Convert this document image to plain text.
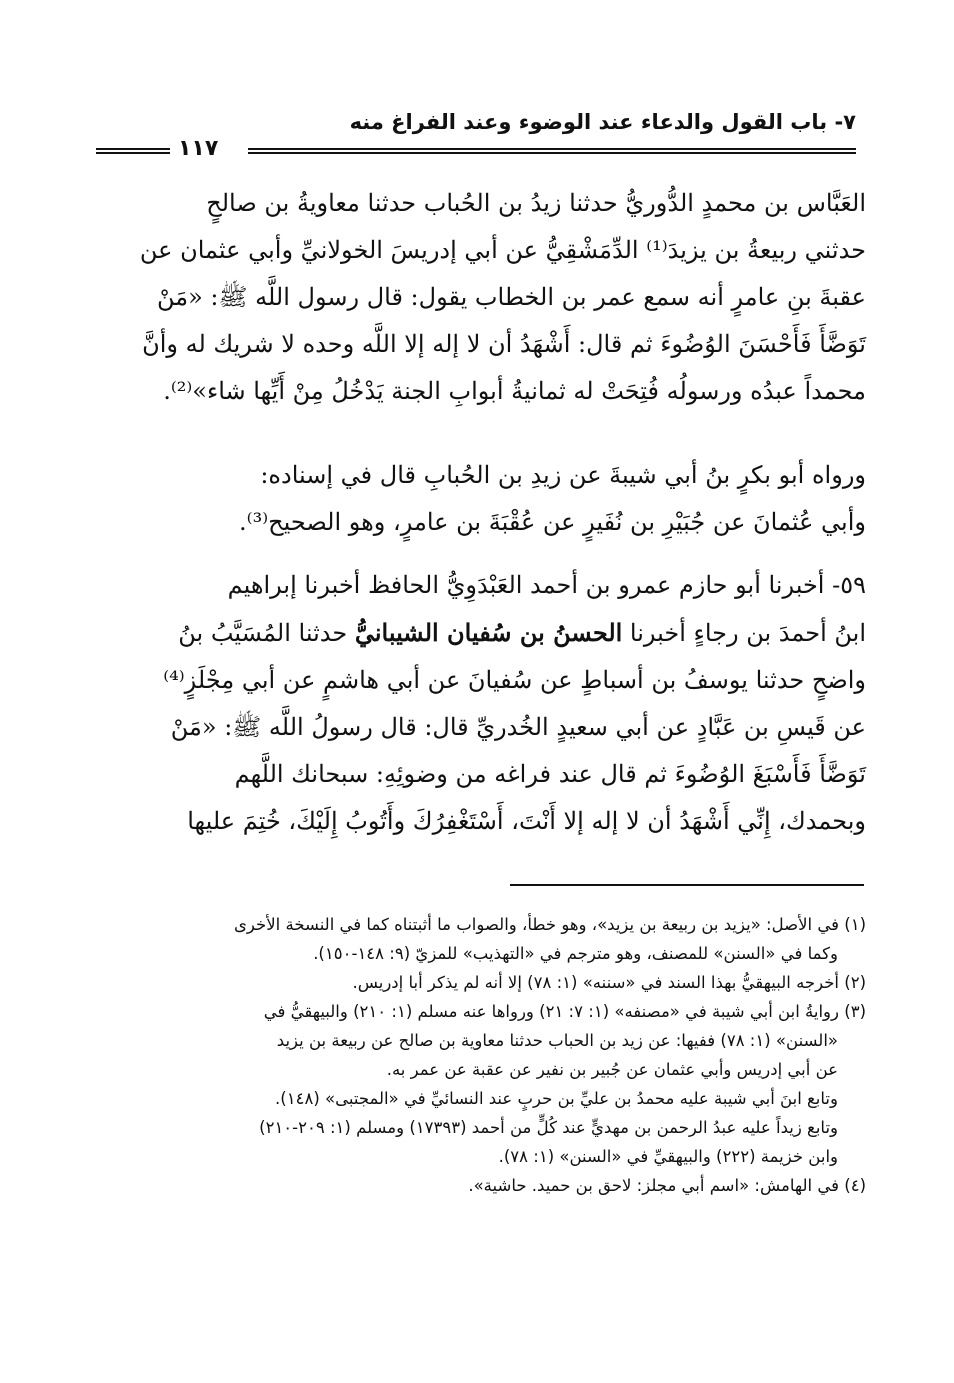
٧- باب القول والدعاء عند الوضوء وعند الفراغ منه
١١٧
العَبَّاس بن محمدٍ الدُّوريُّ حدثنا زيدُ بن الحُباب حدثنا معاويةُ بن صالحٍ
حدثني ربيعةُ بن يزيدَ⁽¹⁾ الدِّمَشْقِيُّ عن أبي إدريسَ الخولانيِّ وأبي عثمان عن
عقبةَ بنِ عامرٍ أنه سمع عمر بن الخطاب يقول: قال رسول اللَّه ﷺ: «مَنْ
تَوَضَّأَ فَأَحْسَنَ الوُضُوءَ ثم قال: أَشْهَدُ أن لا إله إلا اللَّه وحده لا شريك له وأنَّ
محمداً عبدُه ورسولُه فُتِحَتْ له ثمانيةُ أبوابِ الجنة يَدْخُلُ مِنْ أَيِّها شاء»⁽²⁾.
ورواه أبو بكرٍ بنُ أبي شيبةَ عن زيدِ بن الحُبابِ قال في إسناده:
وأبي عُثمانَ عن جُبَيْرِ بن نُفَيرٍ عن عُقْبَةَ بن عامرٍ، وهو الصحيح⁽³⁾.
٥٩- أخبرنا أبو حازم عمرو بن أحمد العَبْدَوِيُّ الحافظ أخبرنا إبراهيم
ابنُ أحمدَ بن رجاءٍ أخبرنا الحسنُ بن سُفيان الشيبانيُّ حدثنا المُسَيَّبُ بنُ
واضحٍ حدثنا يوسفُ بن أسباطٍ عن سُفيانَ عن أبي هاشمٍ عن أبي مِجْلَزٍ⁽⁴⁾
عن قَيسِ بن عَبَّادٍ عن أبي سعيدٍ الخُدريِّ قال: قال رسولُ اللَّه ﷺ: «مَنْ
تَوَضَّأَ فَأَسْبَغَ الوُضُوءَ ثم قال عند فراغه من وضوئِهِ: سبحانك اللَّهم
وبحمدك، إِنِّي أَشْهَدُ أن لا إله إلا أَنْتَ، أَسْتَغْفِرُكَ وأَتُوبُ إِلَيْكَ، خُتِمَ عليها
(١) في الأصل: «يزيد بن ربيعة بن يزيد»، وهو خطأ، والصواب ما أثبتناه كما في النسخة الأخرى
وكما في «السنن» للمصنف، وهو مترجم في «التهذيب» للمزيّ (٩: ١٤٨-١٥٠).
(٢) أخرجه البيهقيُّ بهذا السند في «سننه» (١: ٧٨) إلا أنه لم يذكر أبا إدريس.
(٣) روايةُ ابن أبي شيبة في «مصنفه» (١: ٧: ٢١) ورواها عنه مسلم (١: ٢١٠) والبيهقيُّ في
«السنن» (١: ٧٨) ففيها: عن زيد بن الحباب حدثنا معاوية بن صالح عن ربيعة بن يزيد
عن أبي إدريس وأبي عثمان عن جُبير بن نفير عن عقبة عن عمر به.
وتابع ابنَ أبي شيبة عليه محمدُ بن عليِّ بن حربٍ عند النسائيِّ في «المجتبى» (١٤٨).
وتابع زيداً عليه عبدُ الرحمن بن مهديٍّ عند كُلٍّ من أحمد (١٧٣٩٣) ومسلم (١: ٢٠٩-٢١٠)
وابن خزيمة (٢٢٢) والبيهقيِّ في «السنن» (١: ٧٨).
(٤) في الهامش: «اسم أبي مجلز: لاحق بن حميد. حاشية».
